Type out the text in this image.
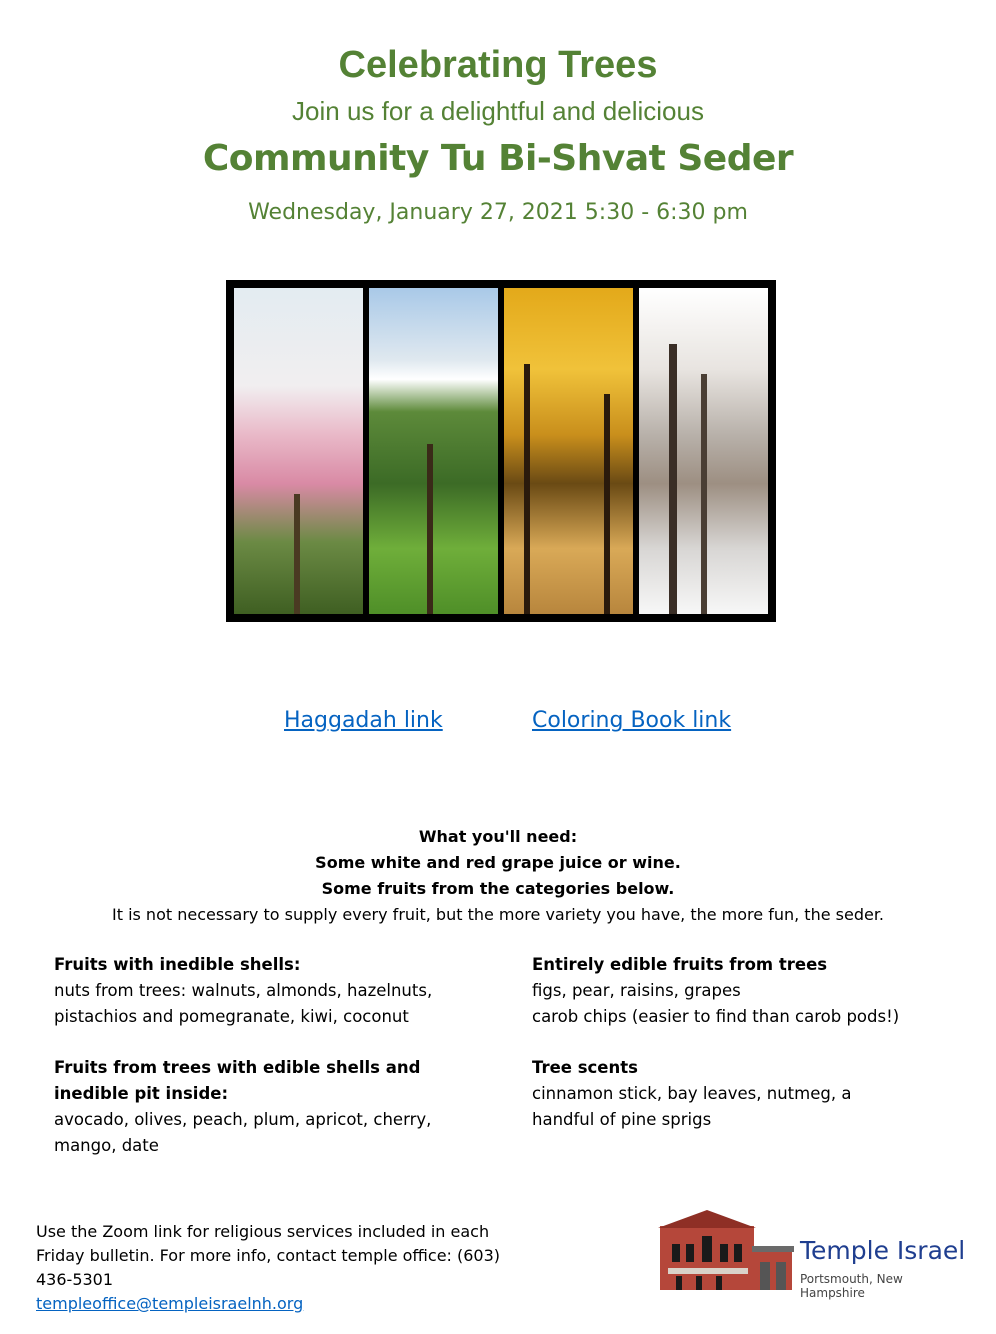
Celebrating Trees
Join us for a delightful and delicious
Community Tu Bi-Shvat Seder
Wednesday, January 27, 2021 5:30 - 6:30 pm
Haggadah link	Coloring Book link
What you'll need:
Some white and red grape juice or wine.
Some fruits from the categories below.
It is not necessary to supply every fruit, but the more variety you have, the more fun, the seder.
Fruits with inedible shells:
nuts from trees: walnuts, almonds, hazelnuts, pistachios and pomegranate, kiwi, coconut
Entirely edible fruits from trees
figs, pear, raisins, grapes
carob chips (easier to find than carob pods!)
Fruits from trees with edible shells and inedible pit inside:
avocado, olives, peach, plum, apricot, cherry, mango, date
Tree scents
cinnamon stick, bay leaves, nutmeg, a handful of pine sprigs
Use the Zoom link for religious services included in each Friday bulletin. For more info, contact temple office: (603) 436-5301
templeoffice@templeisraelnh.org
Temple Israel
Portsmouth, New Hampshire
